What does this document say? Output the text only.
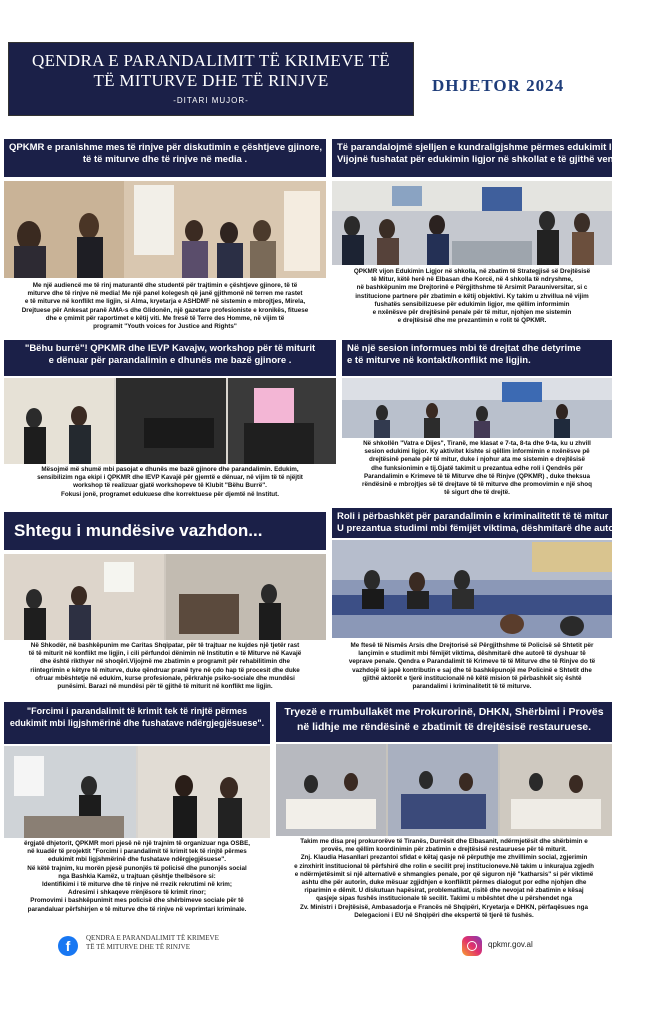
QENDRA E PARANDALIMIT TË KRIMEVE TË
TË MITURVE DHE TË RINJVE
-DITARI MUJOR-
DHJETOR 2024
QPKMR e pranishme mes të rinjve për diskutimin e çështjeve gjinore,
të të miturve dhe të rinjve në media .
Me një audiencë me të rinj maturantë dhe studentë për trajtimin e çështjeve gjinore, të të
miturve dhe të rinjve në media! Me një panel kolegesh që janë gjithmonë në terren me rastet
e të miturve në konflikt me ligjin, si Alma, kryetarja e ASHDMF në sistemin e mbrojtjes, Mirela,
Drejtuese për Ankesat pranë AMA-s dhe Glidonën, një gazetare profesioniste e kronikës, fituese
dhe e çmimit për raportimet e këtij viti. Me fresë të Terre des Homme, në vijim të
programit "Youth voices for Justice and Rights"
Të parandalojmë sjelljen e kundraligjshme përmes edukimit ligj
Vijojnë fushatat për edukimin ligjor në shkollat e të gjithë vend
QPKMR vijon Edukimin Ligjor në shkolla, në zbatim të Strategjisë së Drejtësisë
të Mitur, këtë herë në Elbasan dhe Korcë, në 4 shkolla të ndryshme,
në bashkëpunim me Drejtorinë e Përgjithshme të Arsimit Parauniversitar, si c
institucione partnere për zbatimin e këtij objektivi. Ky takim u zhvillua në vijim
fushatës sensibilizuese për edukimin ligjor, me qëllim informimin
e nxënësve për drejtësinë penale për të mitur, njohjen me sistemin
e drejtësisë dhe me prezantimin e rolit të QPKMR.
"Bëhu burrë"! QPKMR dhe IEVP Kavajw, workshop për të miturit
e dënuar për parandalimin e dhunës me bazë gjinore .
Mësojmë më shumë mbi pasojat e dhunës me bazë gjinore dhe parandalimin. Edukim,
sensibilizim nga ekipi i QPKMR dhe IEVP Kavajë për gjemtë e dënuar, në vijim të të njëjtit
workshop të realizuar gjatë workshopeve të Klubit "Bëhu Burrë".
Fokusi jonë, programet edukuese dhe korrektuese për djemtë në Institut.
Në një sesion informues mbi të drejtat dhe detyrime
e të miturve në kontakt/konflikt me ligjin.
Në shkollën "Vatra e Dijes", Tiranë, me klasat e 7-ta, 8-ta dhe 9-ta, ku u zhvill
sesion edukimi ligjor. Ky aktivitet kishte si qëllim informimin e nxënësve pë
drejtësinë penale për të mitur, duke i njohur ata me sistemin e drejtësisë
dhe funksionimin e tij.Gjatë takimit u prezantua edhe roli i Qendrës për
Parandalimin e Krimeve të të Miturve dhe të Rinjve (QPKMR) , duke theksua
rëndësinë e mbrojtjes së të drejtave të të miturve dhe promovimin e një shoq
të sigurt dhe të drejtë.
Shtegu i mundësive vazhdon...
Në Shkodër, në bashkëpunim me Caritas Shqipatar, për të trajtuar ne kujdes një tjetër rast
të të miturit në konflikt me ligjin, i cili përfundoi dënimin në Institutin e të Miturve në Kavajë
dhe është rikthyer në shoqëri.Vijojmë me zbatimin e programit për rehabilitimin dhe
riintegrimin e këtyre të miturve, duke qëndruar pranë tyre në çdo hap të procesit dhe duke
ofruar mbështetje në edukim, kurse profesionale, përkrahje psiko-sociale dhe mundësi
punësimi. Barazi në mundësi për të gjithë të miturit në konflikt me ligjin.
Roli i përbashkët për parandalimin e kriminalitetit të të mitur
U prezantua studimi mbi fëmijët viktima, dëshmitarë dhe autorë të dyshua
Me ftesë të Nismës Arsis dhe Drejtorisë së Përgjithshme të Policisë së Shtetit për
lançimin e studimit mbi fëmijët viktima, dëshmitarë dhe autorë të dyshuar të
veprave penale. Qendra e Parandalimit të Krimeve të të Miturve dhe të Rinjve do të
vazhdojë të japë kontributin e saj dhe të bashkëpunojë me Policinë e Shtetit dhe
gjithë aktorët e tjerë institucionalë në këtë mision të përbashkët siç është
parandalimi i kriminalitetit të të miturve.
"Forcimi i parandalimit të krimit tek të rinjtë përmes
edukimit mbi ligjshmërinë dhe fushatave ndërgjegjësuese".
ërgjatë dhjetorit, QPKMR mori pjesë në një trajnim të organizuar nga OSBE,
në kuadër të projektit "Forcimi i parandalimit të krimit tek të rinjtë përmes
edukimit mbi ligjshmërinë dhe fushatave ndërgjegjësuese".
Në këtë trajnim, ku morën pjesë punonjës të policisë dhe punonjës social
nga Bashkia Kamëz, u trajtuan çështje thelbësore si:
Identifikimi i të miturve dhe të rinjve në rrezik rekrutimi në krim;
Adresimi i shkaqeve rrënjësore të krimit rinor;
Promovimi i bashkëpunimit mes policisë dhe shërbimeve sociale për të
parandaluar përfshirjen e të miturve dhe të rinjve në veprimtari kriminale.
Tryezë e rrumbullakët me Prokurorinë, DHKN, Shërbimi i Provës
në lidhje me rëndësinë e zbatimit të drejtësisë restauruese.
Takim me disa prej prokurorëve të Tiranës, Durrësit dhe Elbasanit, ndërmjetësit dhe shërbimin e
provës, me qëllim koordinimin për zbatimin e drejtësisë restauruese për të miturit.
Znj. Klaudia Hasanllari prezantoi sfidat e këtaj qasje në përputhje me zhvillimin social, zgjerimin
e zinxhirit institucional të përfshirë dhe rolin e secilit prej institucioneve.Në takim u inkurajua zgjedh
e ndërmjetësimit si një alternativë e shmangies penale, por që siguron një "katharsis" si për viktimë
ashtu dhe për autorin, duke mësuar zgjidhjen e konfliktit përmes dialogut por edhe njohjen dhe
riparimin e dëmit. U diskutuan hapësirat, problematikat, risitë dhe nevojat në zbatimin e kësaj
qasjeje sipas fushës institucionale të secilit. Takimi u mbështet dhe u përshendet nga
Zv. Ministri i Drejtësisë, Ambasadorja e Francës në Shqipëri, Kryetarja e DHKN, përfaqësues nga
Delegacioni i EU në Shqipëri dhe ekspertë të tjerë të fushës.
f	QENDRA E PARANDALIMIT TË KRIMEVE
TË TË MITURVE DHE TË RINJVE	qpkmr.gov.al
